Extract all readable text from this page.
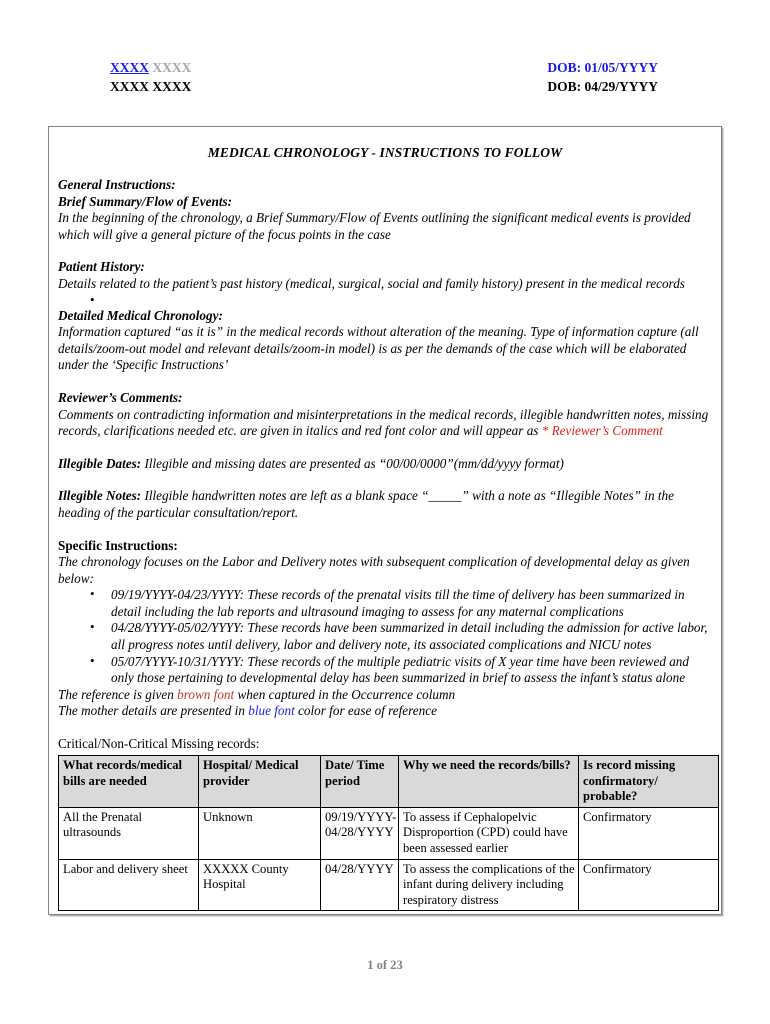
XXXX XXXX	DOB: 01/05/YYYY
XXXX XXXX	DOB: 04/29/YYYY
MEDICAL CHRONOLOGY - INSTRUCTIONS TO FOLLOW

General Instructions:

Brief Summary/Flow of Events:

In the beginning of the chronology, a Brief Summary/Flow of Events outlining the significant medical events is provided which will give a general picture of the focus points in the case

Patient History:

Details related to the patient’s past history (medical, surgical, social and family history) present in the medical records

•

Detailed Medical Chronology:

Information captured “as it is” in the medical records without alteration of the meaning. Type of information capture (all details/zoom-out model and relevant details/zoom-in model) is as per the demands of the case which will be elaborated under the ‘Specific Instructions’

Reviewer’s Comments:

Comments on contradicting information and misinterpretations in the medical records, illegible handwritten notes, missing records, clarifications needed etc. are given in italics and red font color and will appear as * Reviewer’s Comment

Illegible Dates: Illegible and missing dates are presented as “00/00/0000”(mm/dd/yyyy format)

Illegible Notes: Illegible handwritten notes are left as a blank space “_____” with a note as “Illegible Notes” in the heading of the particular consultation/report.

Specific Instructions:

The chronology focuses on the Labor and Delivery notes with subsequent complication of developmental delay as given below:

• 09/19/YYYY-04/23/YYYY: These records of the prenatal visits till the time of delivery has been summarized in detail including the lab reports and ultrasound imaging to assess for any maternal complications
• 04/28/YYYY-05/02/YYYY: These records have been summarized in detail including the admission for active labor, all progress notes until delivery, labor and delivery note, its associated complications and NICU notes
• 05/07/YYYY-10/31/YYYY: These records of the multiple pediatric visits of X year time have been reviewed and only those pertaining to developmental delay has been summarized in brief to assess the infant’s status alone

The reference is given brown font when captured in the Occurrence column

The mother details are presented in blue font color for ease of reference

Critical/Non-Critical Missing records:

What records/medical bills are needed	Hospital/ Medical provider	Date/ Time period	Why we need the records/bills?	Is record missing confirmatory/ probable?
All the Prenatal ultrasounds	Unknown	09/19/YYYY-04/28/YYYY	To assess if Cephalopelvic Disproportion (CPD) could have been assessed earlier	Confirmatory
Labor and delivery sheet	XXXXX County Hospital	04/28/YYYY	To assess the complications of the infant during delivery including respiratory distress	Confirmatory
1 of 23
